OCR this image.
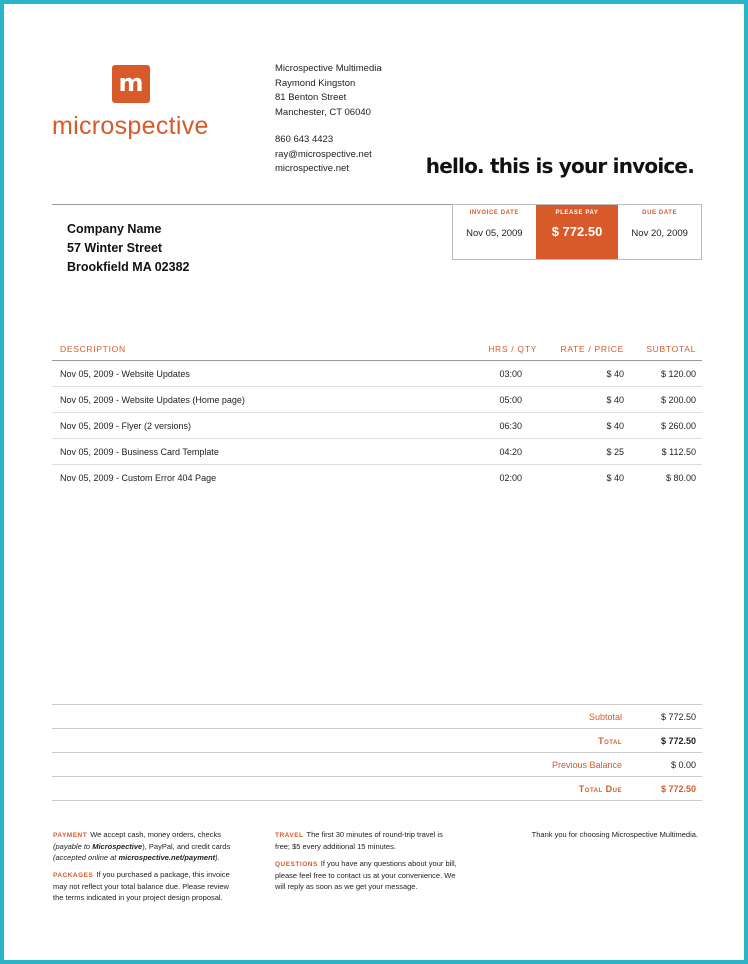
m
microspective
Microspective Multimedia
Raymond Kingston
81 Benton Street
Manchester, CT 06040
860 643 4423
ray@microspective.net
microspective.net	hello. this is your invoice.
Company Name
57 Winter Street
Brookfield MA 02382
INVOICE DATE
Nov 05, 2009
PLEASE PAY
$ 772.50
DUE DATE
Nov 20, 2009
DESCRIPTION	HRS / QTY	RATE / PRICE	SUBTOTAL
Nov 05, 2009 - Website Updates	03:00	$ 40	$ 120.00
Nov 05, 2009 - Website Updates (Home page)	05:00	$ 40	$ 200.00
Nov 05, 2009 - Flyer (2 versions)	06:30	$ 40	$ 260.00
Nov 05, 2009 - Business Card Template	04:20	$ 25	$ 112.50
Nov 05, 2009 - Custom Error 404 Page	02:00	$ 40	$ 80.00
Subtotal	$ 772.50
Total	$ 772.50
Previous Balance	$ 0.00
Total Due	$ 772.50

PAYMENT We accept cash, money orders, checks
(payable to Microspective), PayPal, and credit cards
(accepted online at microspective.net/payment).

PACKAGES If you purchased a package, this invoice
may not reflect your total balance due. Please review
the terms indicated in your project design proposal.

TRAVEL The first 30 minutes of round-trip travel is
free; $5 every additional 15 minutes.

QUESTIONS If you have any questions about your bill,
please feel free to contact us at your convenience. We
will reply as soon as we get your message.

Thank you for choosing Microspective Multimedia.
